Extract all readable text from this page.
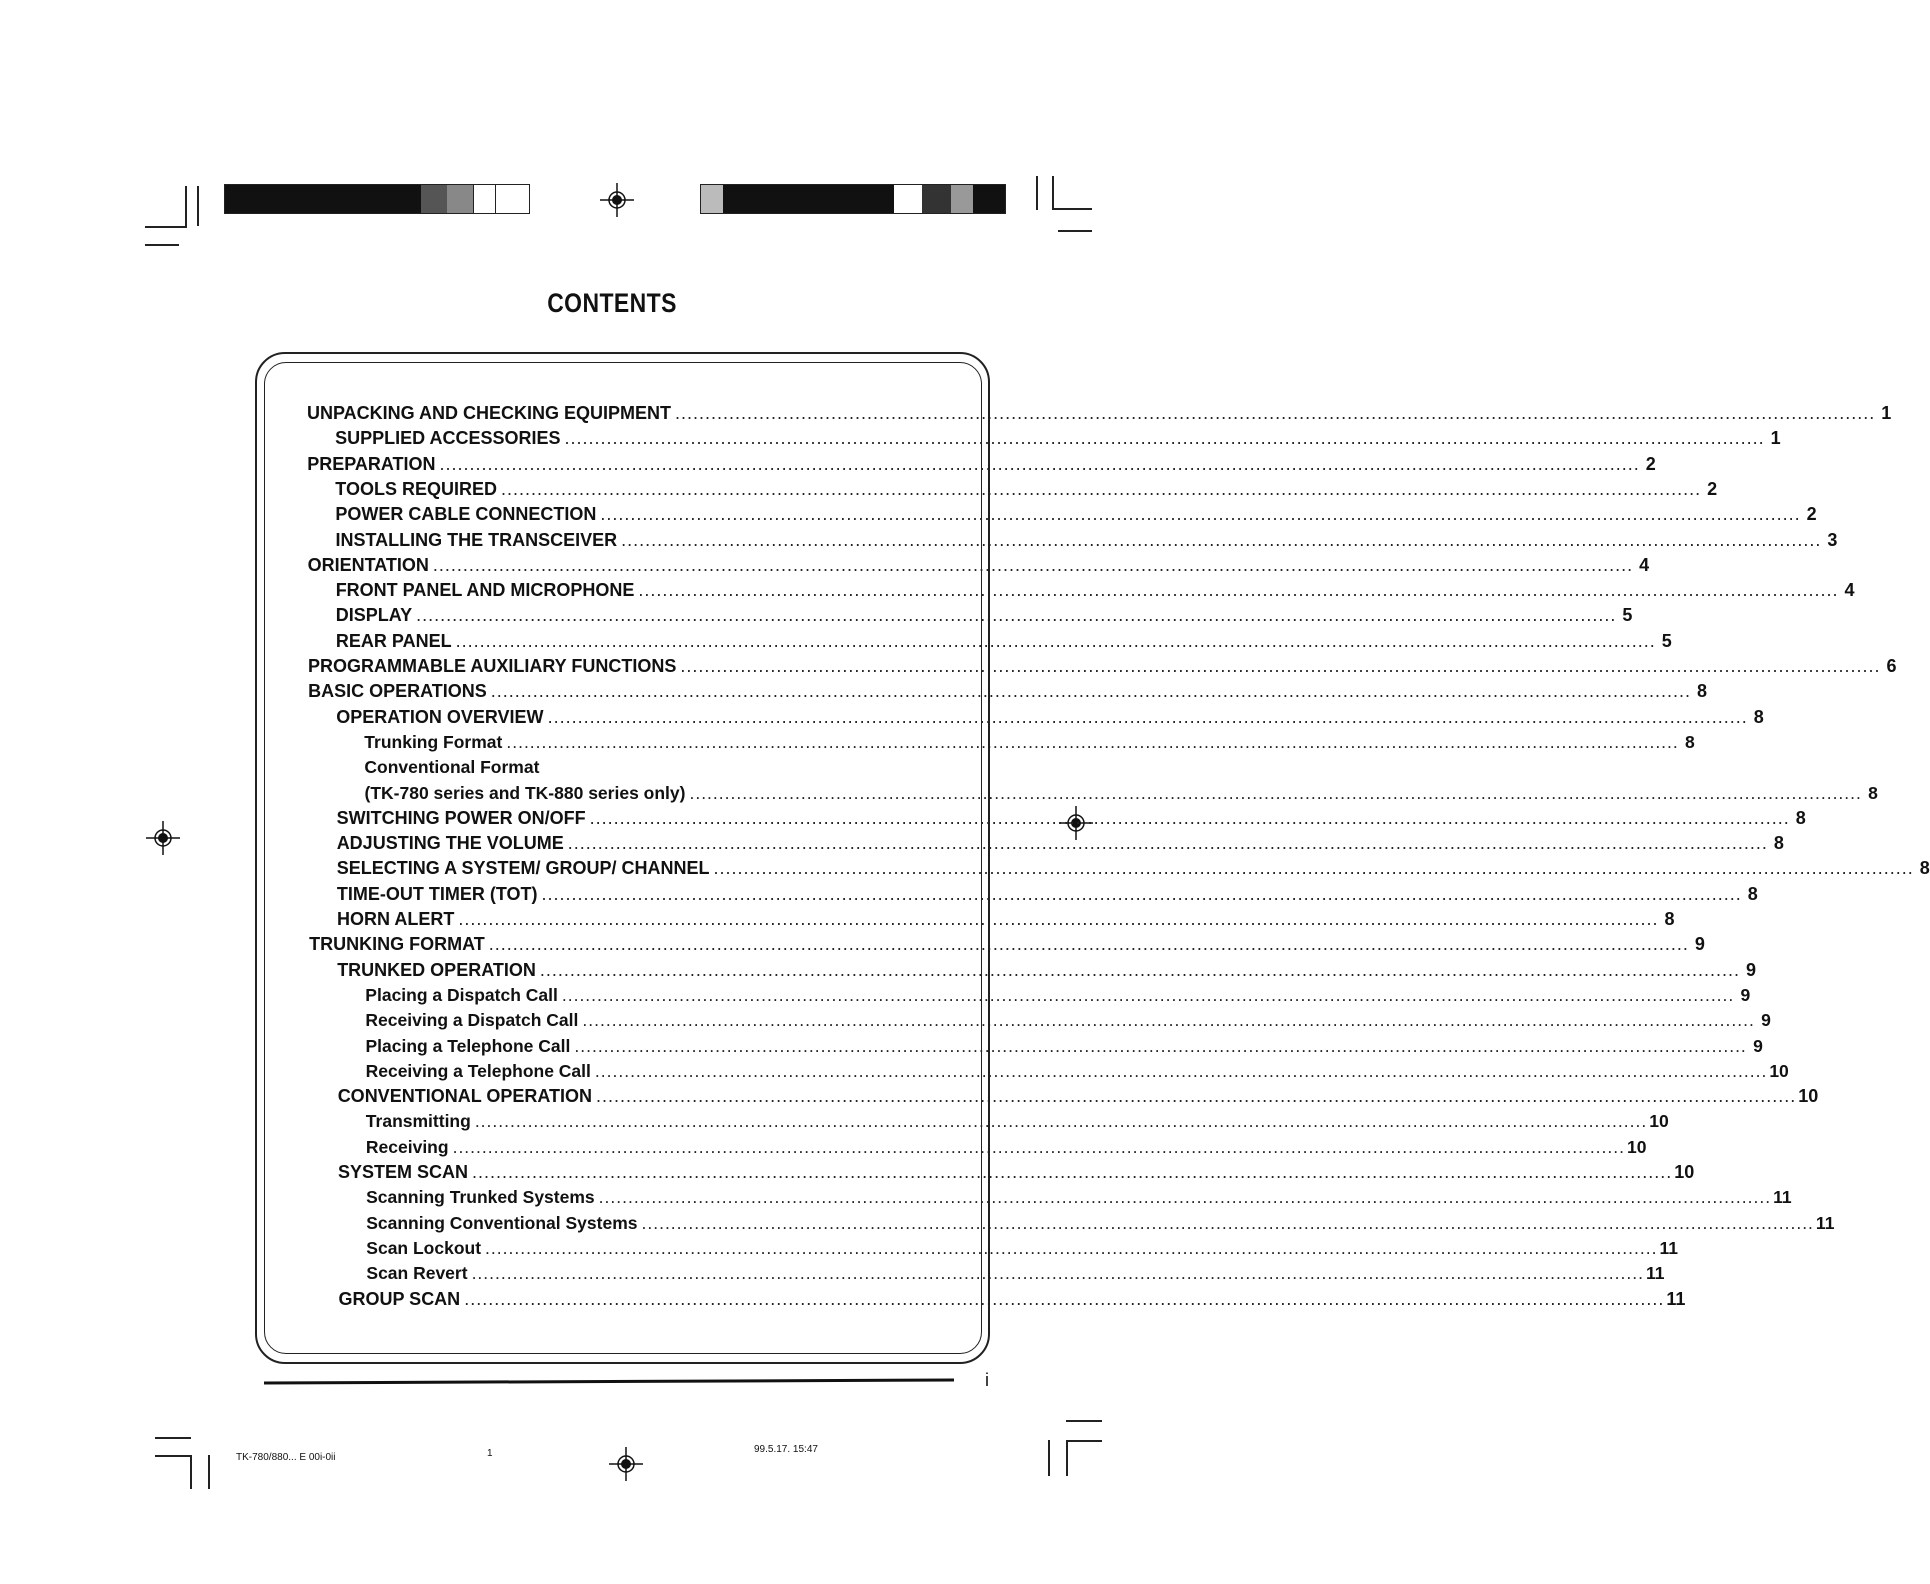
CONTENTS
UNPACKING AND CHECKING EQUIPMENT ........................................................................................................................................................................................................ 1
SUPPLIED ACCESSORIES ........................................................................................................................................................................................................ 1
PREPARATION ........................................................................................................................................................................................................ 2
TOOLS REQUIRED ........................................................................................................................................................................................................ 2
POWER CABLE CONNECTION ........................................................................................................................................................................................................ 2
INSTALLING THE TRANSCEIVER ........................................................................................................................................................................................................ 3
ORIENTATION ........................................................................................................................................................................................................ 4
FRONT PANEL AND MICROPHONE ........................................................................................................................................................................................................ 4
DISPLAY ........................................................................................................................................................................................................ 5
REAR PANEL ........................................................................................................................................................................................................ 5
PROGRAMMABLE AUXILIARY FUNCTIONS ........................................................................................................................................................................................................ 6
BASIC OPERATIONS ........................................................................................................................................................................................................ 8
OPERATION OVERVIEW ........................................................................................................................................................................................................ 8
Trunking Format ........................................................................................................................................................................................................ 8
Conventional Format
(TK-780 series and TK-880 series only) ........................................................................................................................................................................................................ 8
SWITCHING POWER ON/OFF ........................................................................................................................................................................................................ 8
ADJUSTING THE VOLUME ........................................................................................................................................................................................................ 8
SELECTING A SYSTEM/ GROUP/ CHANNEL ........................................................................................................................................................................................................ 8
TIME-OUT TIMER (TOT) ........................................................................................................................................................................................................ 8
HORN ALERT ........................................................................................................................................................................................................ 8
TRUNKING FORMAT ........................................................................................................................................................................................................ 9
TRUNKED OPERATION ........................................................................................................................................................................................................ 9
Placing a Dispatch Call ........................................................................................................................................................................................................ 9
Receiving a Dispatch Call ........................................................................................................................................................................................................ 9
Placing a Telephone Call ........................................................................................................................................................................................................ 9
Receiving a Telephone Call ........................................................................................................................................................................................................ 10
CONVENTIONAL OPERATION ........................................................................................................................................................................................................ 10
Transmitting ........................................................................................................................................................................................................ 10
Receiving ........................................................................................................................................................................................................ 10
SYSTEM SCAN ........................................................................................................................................................................................................ 10
Scanning Trunked Systems ........................................................................................................................................................................................................ 11
Scanning Conventional Systems ........................................................................................................................................................................................................ 11
Scan Lockout ........................................................................................................................................................................................................ 11
Scan Revert ........................................................................................................................................................................................................ 11
GROUP SCAN ........................................................................................................................................................................................................ 11
i
TK-780/880... E 00i-0ii	1	99.5.17. 15:47
